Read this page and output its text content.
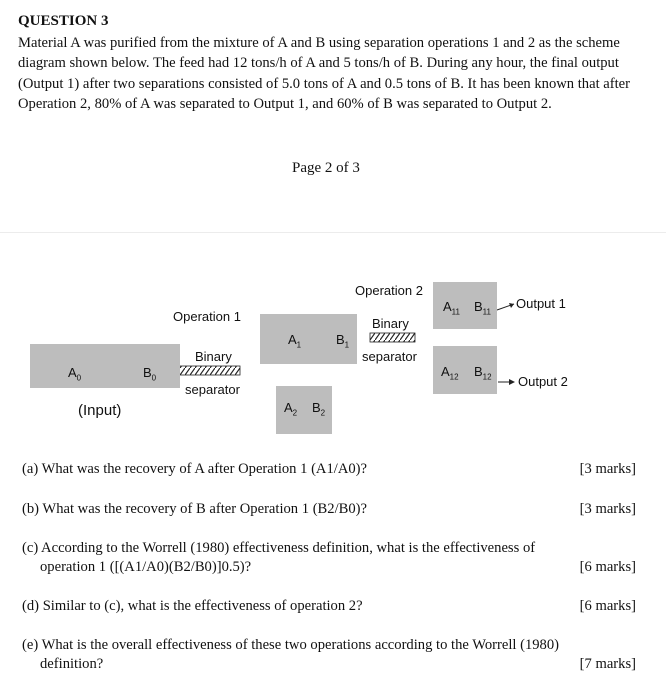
QUESTION 3
Material A was purified from the mixture of A and B using separation operations 1 and 2 as the scheme diagram shown below. The feed had 12 tons/h of A and 5 tons/h of B. During any hour, the final output (Output 1) after two separations consisted of 5.0 tons of A and 0.5 tons of B. It has been known that after Operation 2, 80% of A was separated to Output 1, and 60% of B was separated to Output 2.
Page 2 of 3
$A_0$	$B_0$
(Input)
Operation 1
Binary
separator
$A_1$	$B_1$
$A_2$ $B_2$
Operation 2
Binary
separator
$A_{11}$ $B_{11}$
Output 1
$A_{12}$ $B_{12}$ Output 2
(a) What was the recovery of A after Operation 1 (A1/A0)?	[3 marks]
(b) What was the recovery of B after Operation 1 (B2/B0)?	[3 marks]
(c) According to the Worrell (1980) effectiveness definition, what is the effectiveness of
operation 1 ([(A1/A0)(B2/B0)]0.5)?	[6 marks]
(d) Similar to (c), what is the effectiveness of operation 2?	[6 marks]
(e) What is the overall effectiveness of these two operations according to the Worrell (1980)
definition?	[7 marks]
